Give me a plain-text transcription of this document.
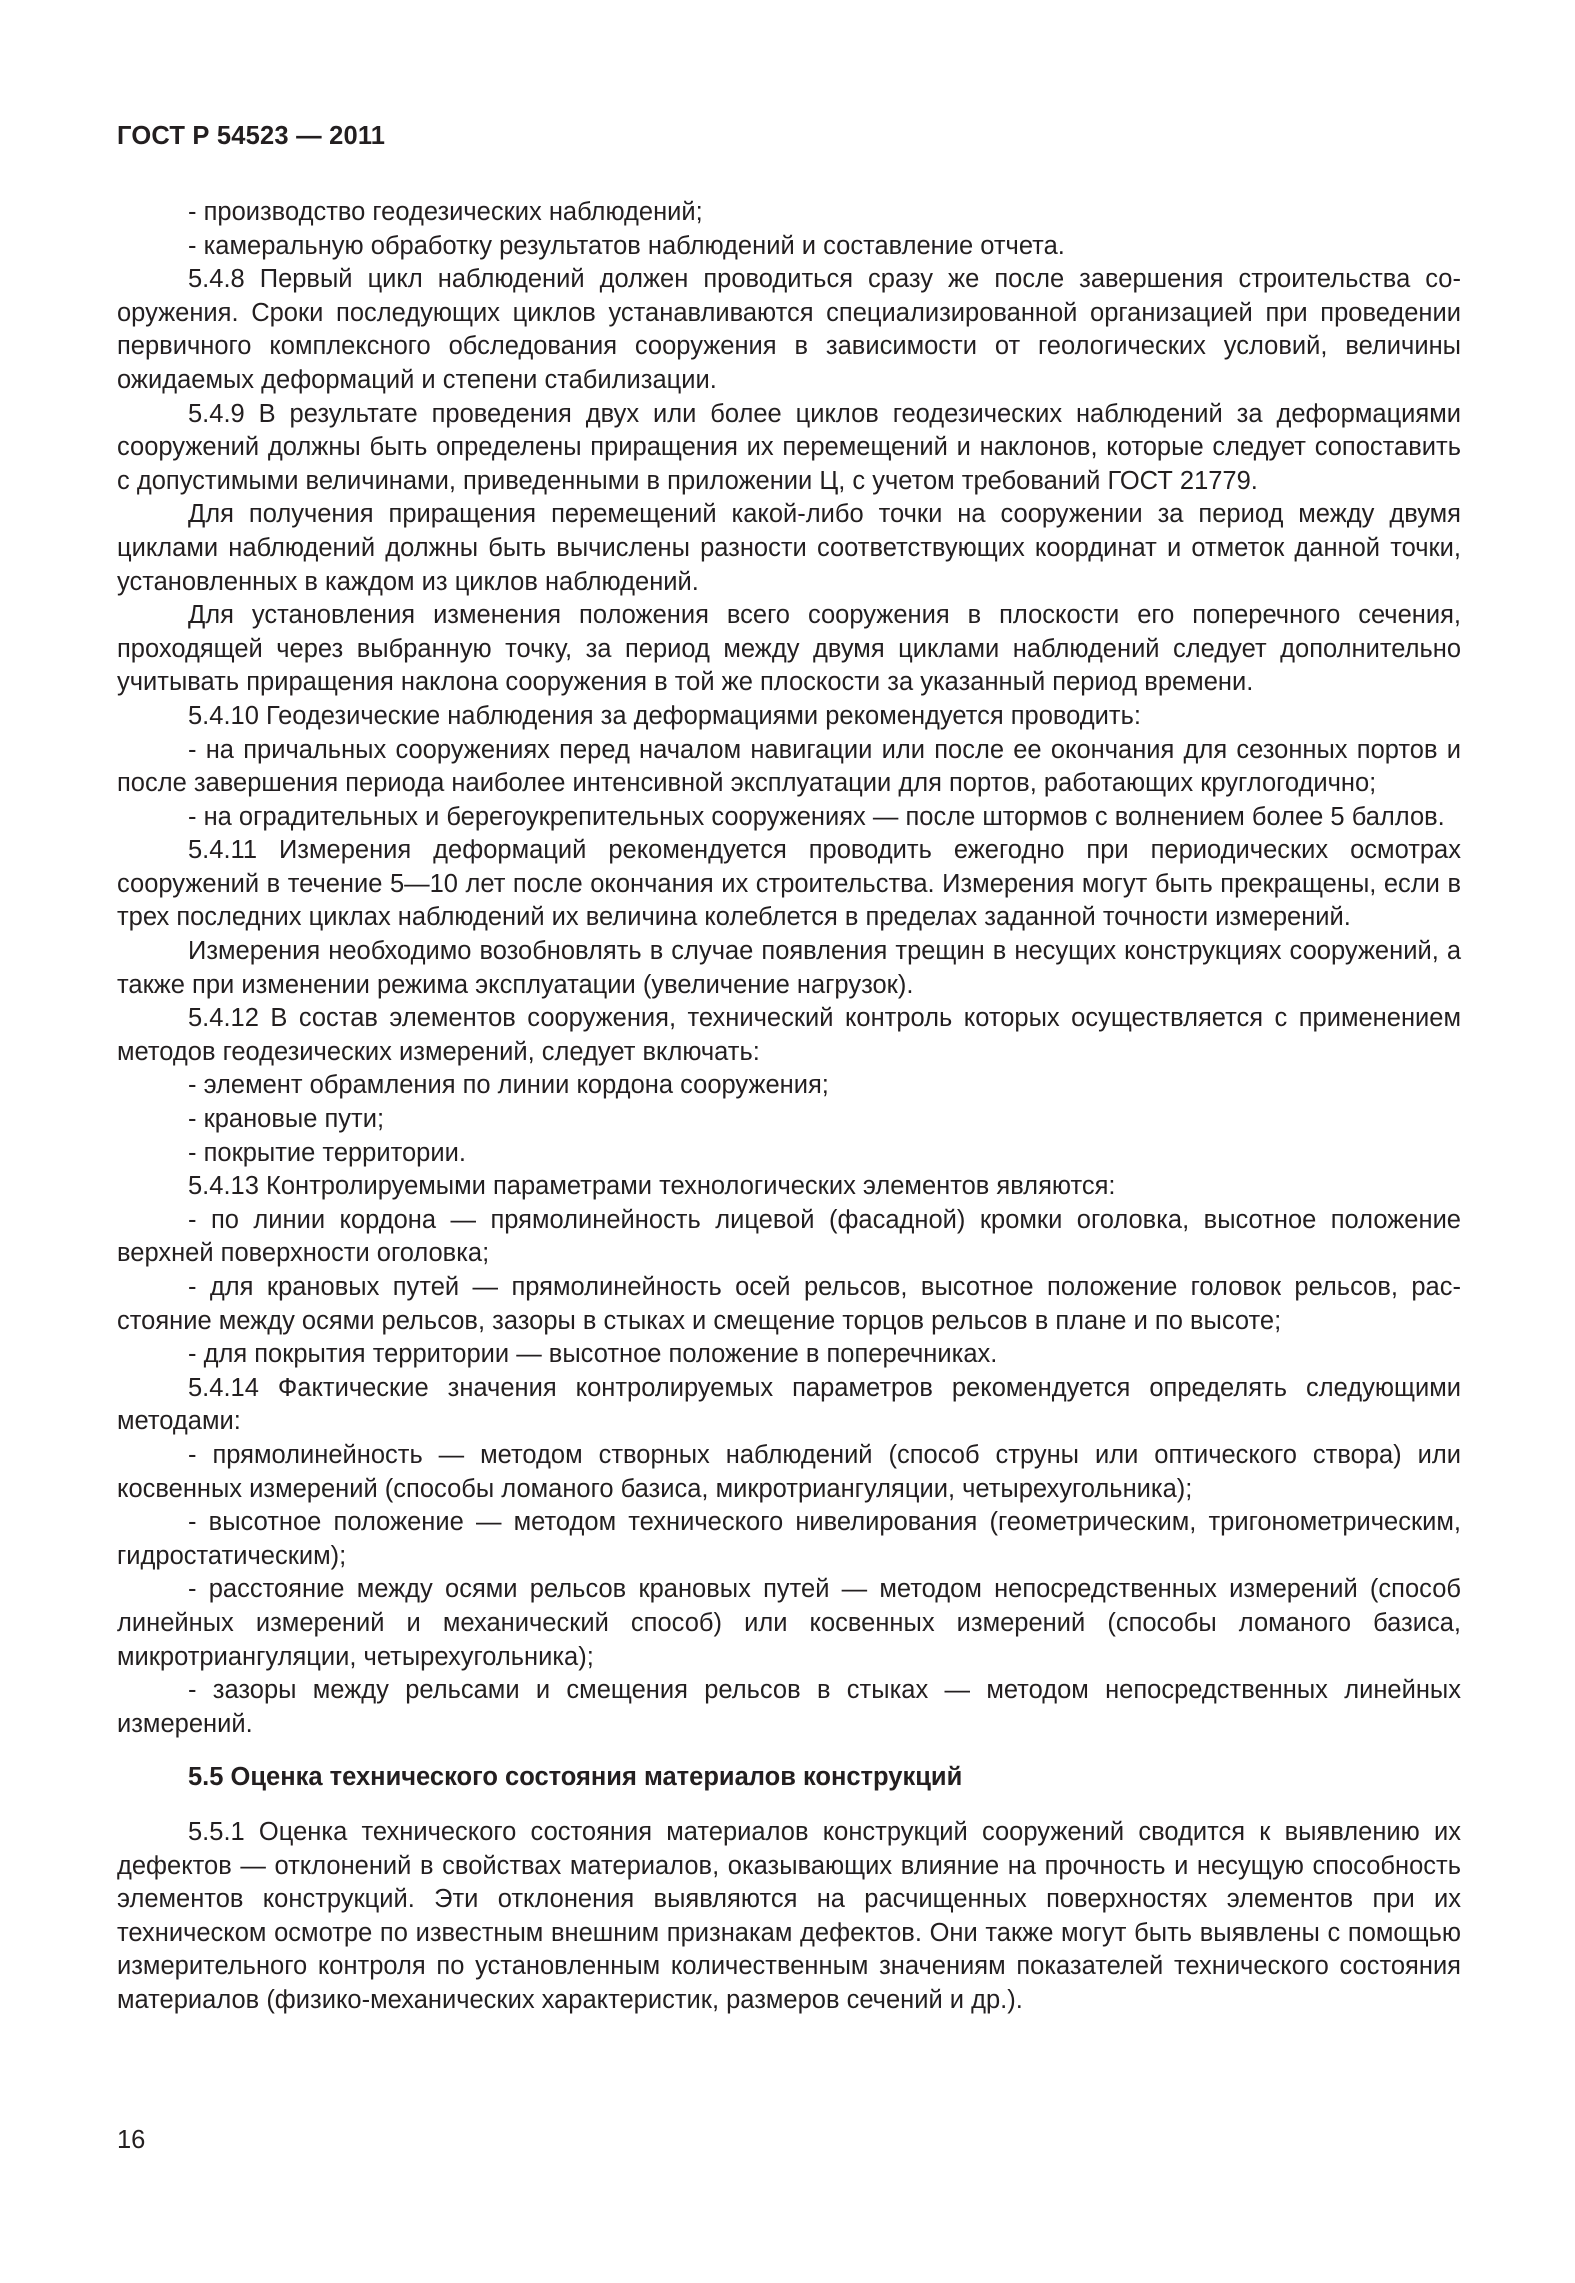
ГОСТ Р 54523 — 2011

- производство геодезических наблюдений;

- камеральную обработку результатов наблюдений и составление отчета.

5.4.8 Первый цикл наблюдений должен проводиться сразу же после завершения строительства сооружения. Сроки последующих циклов устанавливаются специализированной организацией при проведении первичного комплексного обследования сооружения в зависимости от геологических условий, величины ожидаемых деформаций и степени стабилизации.

5.4.9 В результате проведения двух или более циклов геодезических наблюдений за деформациями сооружений должны быть определены приращения их перемещений и наклонов, которые следует сопоставить с допустимыми величинами, приведенными в приложении Ц, с учетом требований ГОСТ 21779.

Для получения приращения перемещений какой-либо точки на сооружении за период между двумя циклами наблюдений должны быть вычислены разности соответствующих координат и отметок данной точки, установленных в каждом из циклов наблюдений.

Для установления изменения положения всего сооружения в плоскости его поперечного сечения, проходящей через выбранную точку, за период между двумя циклами наблюдений следует дополнительно учитывать приращения наклона сооружения в той же плоскости за указанный период времени.

5.4.10 Геодезические наблюдения за деформациями рекомендуется проводить:

- на причальных сооружениях перед началом навигации или после ее окончания для сезонных портов и после завершения периода наиболее интенсивной эксплуатации для портов, работающих круглогодично;

- на оградительных и берегоукрепительных сооружениях — после штормов с волнением более 5 баллов.

5.4.11 Измерения деформаций рекомендуется проводить ежегодно при периодических осмотрах сооружений в течение 5—10 лет после окончания их строительства. Измерения могут быть прекращены, если в трех последних циклах наблюдений их величина колеблется в пределах заданной точности измерений.

Измерения необходимо возобновлять в случае появления трещин в несущих конструкциях сооружений, а также при изменении режима эксплуатации (увеличение нагрузок).

5.4.12 В состав элементов сооружения, технический контроль которых осуществляется с применением методов геодезических измерений, следует включать:

- элемент обрамления по линии кордона сооружения;

- крановые пути;

- покрытие территории.

5.4.13 Контролируемыми параметрами технологических элементов являются:

- по линии кордона — прямолинейность лицевой (фасадной) кромки оголовка, высотное положение верхней поверхности оголовка;

- для крановых путей — прямолинейность осей рельсов, высотное положение головок рельсов, расстояние между осями рельсов, зазоры в стыках и смещение торцов рельсов в плане и по высоте;

- для покрытия территории — высотное положение в поперечниках.

5.4.14 Фактические значения контролируемых параметров рекомендуется определять следующими методами:

- прямолинейность — методом створных наблюдений (способ струны или оптического створа) или косвенных измерений (способы ломаного базиса, микротриангуляции, четырехугольника);

- высотное положение — методом технического нивелирования (геометрическим, тригонометрическим, гидростатическим);

- расстояние между осями рельсов крановых путей — методом непосредственных измерений (способ линейных измерений и механический способ) или косвенных измерений (способы ломаного базиса, микротриангуляции, четырехугольника);

- зазоры между рельсами и смещения рельсов в стыках — методом непосредственных линейных измерений.

5.5 Оценка технического состояния материалов конструкций

5.5.1 Оценка технического состояния материалов конструкций сооружений сводится к выявлению их дефектов — отклонений в свойствах материалов, оказывающих влияние на прочность и несущую способность элементов конструкций. Эти отклонения выявляются на расчищенных поверхностях элементов при их техническом осмотре по известным внешним признакам дефектов. Они также могут быть выявлены с помощью измерительного контроля по установленным количественным значениям показателей технического состояния материалов (физико-механических характеристик, размеров сечений и др.).

16
